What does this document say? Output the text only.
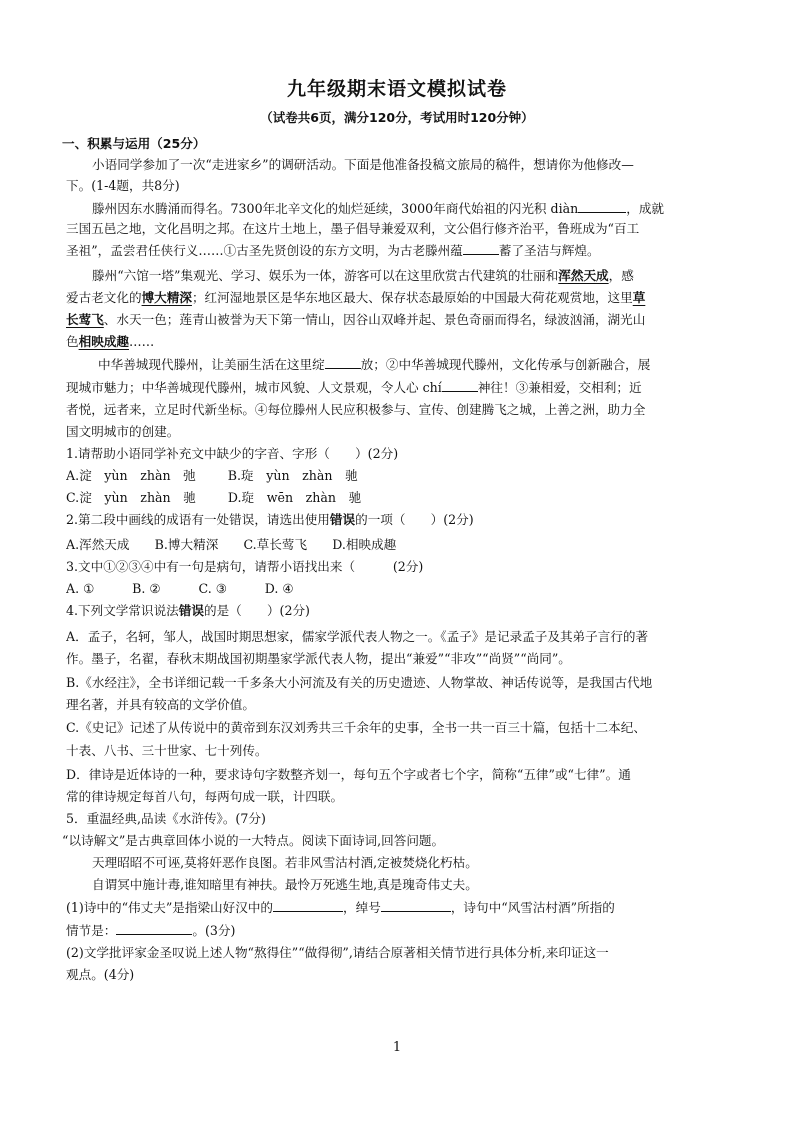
九年级期末语文模拟试卷
（试卷共6页，满分120分，考试用时120分钟）
一、积累与运用（25分）
小语同学参加了一次“走进家乡”的调研活动。下面是他准备投稿文旅局的稿件，想请你为他修改—
下。(1-4题，共8分)
滕州因东水腾涌而得名。7300年北辛文化的灿烂延续，3000年商代始祖的闪光积 diàn	，成就
三国五邑之地，文化昌明之邦。在这片土地上，墨子倡导兼爱双利，文公倡行修齐治平，鲁班成为“百工
圣祖”，孟尝君任侠行义……①古圣先贤创设的东方文明，为古老滕州蕴	蓄了圣洁与辉煌。
滕州“六馆一塔”集观光、学习、娱乐为一体，游客可以在这里欣赏古代建筑的壮丽和浑然天成，感
爱古老文化的博大精深；红河湿地景区是华东地区最大、保存状态最原始的中国最大荷花观赏地，这里草
长莺飞、水天一色；莲青山被誉为天下第一情山，因谷山双峰并起、景色奇丽而得名，绿波汹涌，湖光山
色相映成趣……
中华善城现代滕州，让美丽生活在这里绽	放；②中华善城现代滕州，文化传承与创新融合，展
现城市魅力；中华善城现代滕州，城市风貌、人文景观，令人心 chí	神往！③兼相爱，交相利；近
者悦，远者来，立足时代新坐标。④每位滕州人民应积极参与、宣传、创建腾飞之城，上善之洲，助力全
国文明城市的创建。
1.请帮助小语同学补充文中缺少的字音、字形（　　）(2分)
A.淀　yùn　zhàn　弛	B.琁　yùn　zhàn　驰
C.淀　yùn　zhàn　驰	D.琁　wēn　zhàn　驰
2.第二段中画线的成语有一处错误，请选出使用错误的一项（　　）(2分)
A.浑然天成　　B.博大精深　　C.草长莺飞　　D.相映成趣
3.文中①②③④中有一句是病句，请帮小语找出来（　　　(2分)
A. ①　　　B. ②　　　C. ③　　　D. ④
4.下列文学常识说法错误的是（　　）(2分)
A．孟子，名轲，邹人，战国时期思想家，儒家学派代表人物之一。《孟子》是记录孟子及其弟子言行的著
作。墨子，名翟，春秋末期战国初期墨家学派代表人物，提出“兼爱”“非攻”“尚贤”“尚同”。
B.《水经注》，全书详细记载一千多条大小河流及有关的历史遗迹、人物掌故、神话传说等，是我国古代地
理名著，并具有较高的文学价值。
C.《史记》记述了从传说中的黄帝到东汉刘秀共三千余年的史事，全书一共一百三十篇，包括十二本纪、
十表、八书、三十世家、七十列传。
D．律诗是近体诗的一种，要求诗句字数整齐划一，每句五个字或者七个字，简称“五律”或“七律”。通
常的律诗规定每首八句，每两句成一联，计四联。
5．重温经典,品读《水浒传》。(7分)
“以诗解文”是古典章回体小说的一大特点。阅读下面诗词,回答问题。
天理昭昭不可诬,莫将奸恶作良图。若非风雪沽村酒,定被焚烧化朽枯。
自谓冥中施计毒,谁知暗里有神扶。最怜万死逃生地,真是瑰奇伟丈夫。
(1)诗中的“伟丈夫”是指梁山好汉中的	，绰号	，诗句中“风雪沽村酒”所指的
情节是：	。(3分)
(2)文学批评家金圣叹说上述人物“熬得住”“做得彻”,请结合原著相关情节进行具体分析,来印证这一
观点。(4分)
1
